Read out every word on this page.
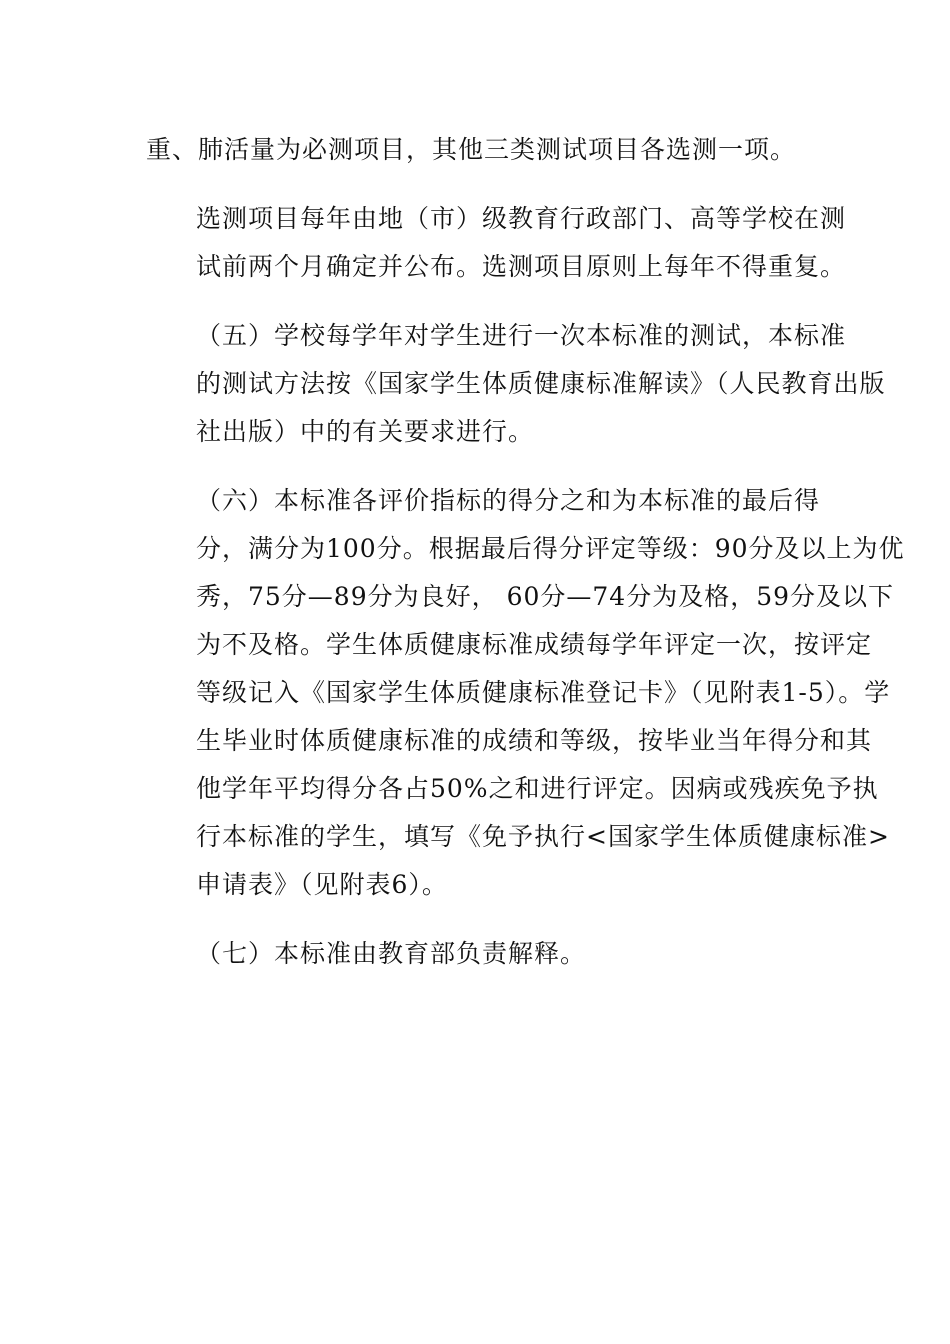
重、肺活量为必测项目，其他三类测试项目各选测一项。

选测项目每年由地（市）级教育行政部门、高等学校在测
试前两个月确定并公布。选测项目原则上每年不得重复。

（五）学校每学年对学生进行一次本标准的测试，本标准
的测试方法按《国家学生体质健康标准解读》（人民教育出版
社出版）中的有关要求进行。

（六）本标准各评价指标的得分之和为本标准的最后得
分，满分为100分。根据最后得分评定等级：90分及以上为优
秀，75分—89分为良好， 60分—74分为及格，59分及以下
为不及格。学生体质健康标准成绩每学年评定一次，按评定
等级记入《国家学生体质健康标准登记卡》（见附表1-5）。学
生毕业时体质健康标准的成绩和等级，按毕业当年得分和其
他学年平均得分各占50%之和进行评定。因病或残疾免予执
行本标准的学生，填写《免予执行<国家学生体质健康标准>
申请表》（见附表6）。

（七）本标准由教育部负责解释。
